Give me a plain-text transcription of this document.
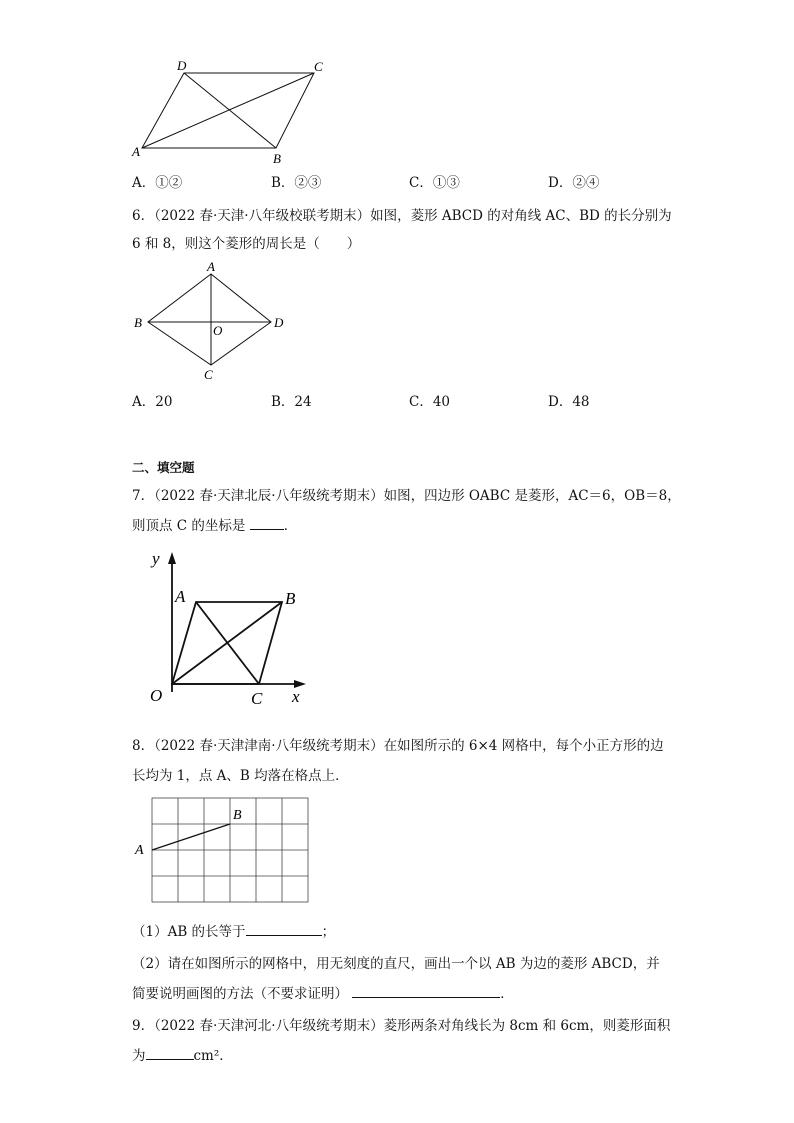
D	C
A	B
A．①②	B．②③	C．①③	D．②④
6．（2022 春·天津·八年级校联考期末）如图，菱形 ABCD 的对角线 AC、BD 的长分别为
6 和 8，则这个菱形的周长是（　　）
A
B	D
C
O
A．20	B．24	C．40	D．48
二、填空题
7．（2022 春·天津北辰·八年级统考期末）如图，四边形 OABC 是菱形，AC＝6，OB＝8，
则顶点 C 的坐标是	．
y
x
A	B
O	C
8．（2022 春·天津津南·八年级统考期末）在如图所示的 6×4 网格中，每个小正方形的边
长均为 1，点 A、B 均落在格点上．
A
B
（1）AB 的长等于	；
（2）请在如图所示的网格中，用无刻度的直尺，画出一个以 AB 为边的菱形 ABCD，并
简要说明画图的方法（不要求证明）	．
9．（2022 春·天津河北·八年级统考期末）菱形两条对角线长为 8cm 和 6cm，则菱形面积
为	cm²．
